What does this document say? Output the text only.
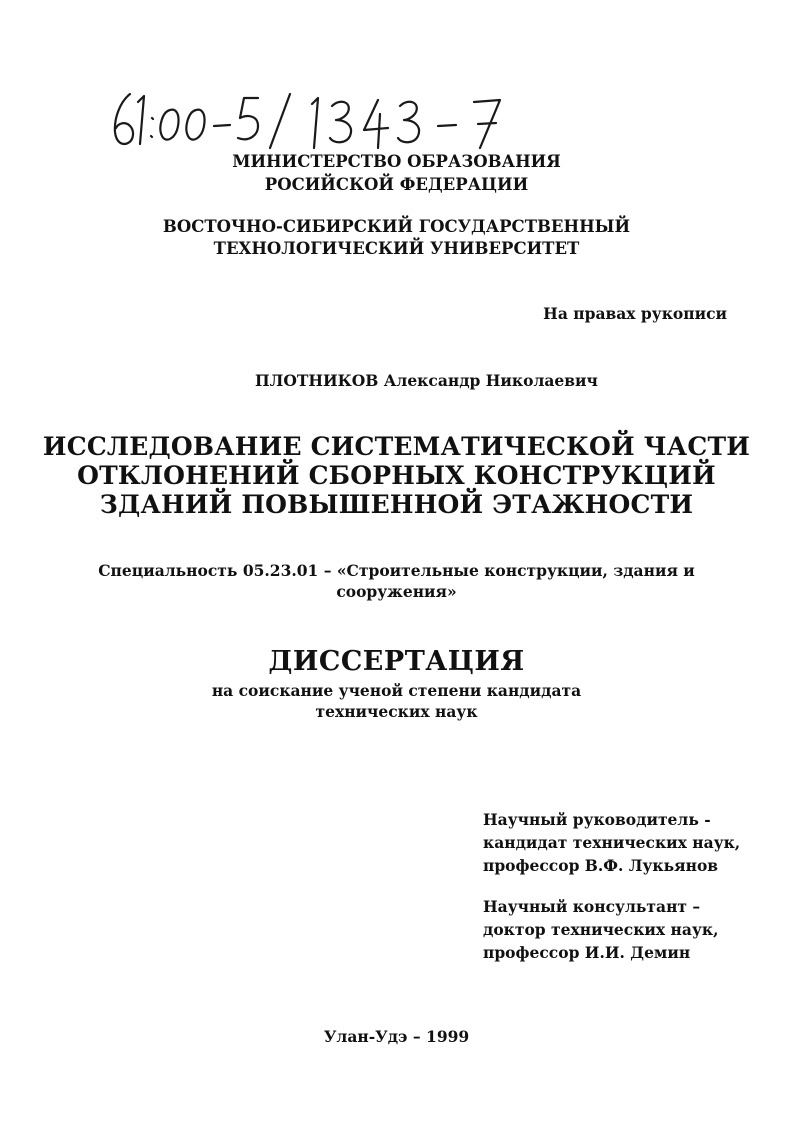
МИНИСТЕРСТВО ОБРАЗОВАНИЯ
РОСИЙСКОЙ ФЕДЕРАЦИИ
ВОСТОЧНО-СИБИРСКИЙ ГОСУДАРСТВЕННЫЙ
ТЕХНОЛОГИЧЕСКИЙ УНИВЕРСИТЕТ
На правах рукописи
ПЛОТНИКОВ Александр Николаевич
ИССЛЕДОВАНИЕ СИСТЕМАТИЧЕСКОЙ ЧАСТИ
ОТКЛОНЕНИЙ СБОРНЫХ КОНСТРУКЦИЙ
ЗДАНИЙ ПОВЫШЕННОЙ ЭТАЖНОСТИ
Специальность 05.23.01 – «Строительные конструкции, здания и
сооружения»
ДИССЕРТАЦИЯ
на соискание ученой степени кандидата
технических наук
Научный руководитель -
кандидат технических наук,
профессор В.Ф. Лукьянов
Научный консультант –
доктор технических наук,
профессор И.И. Демин
Улан-Удэ – 1999
